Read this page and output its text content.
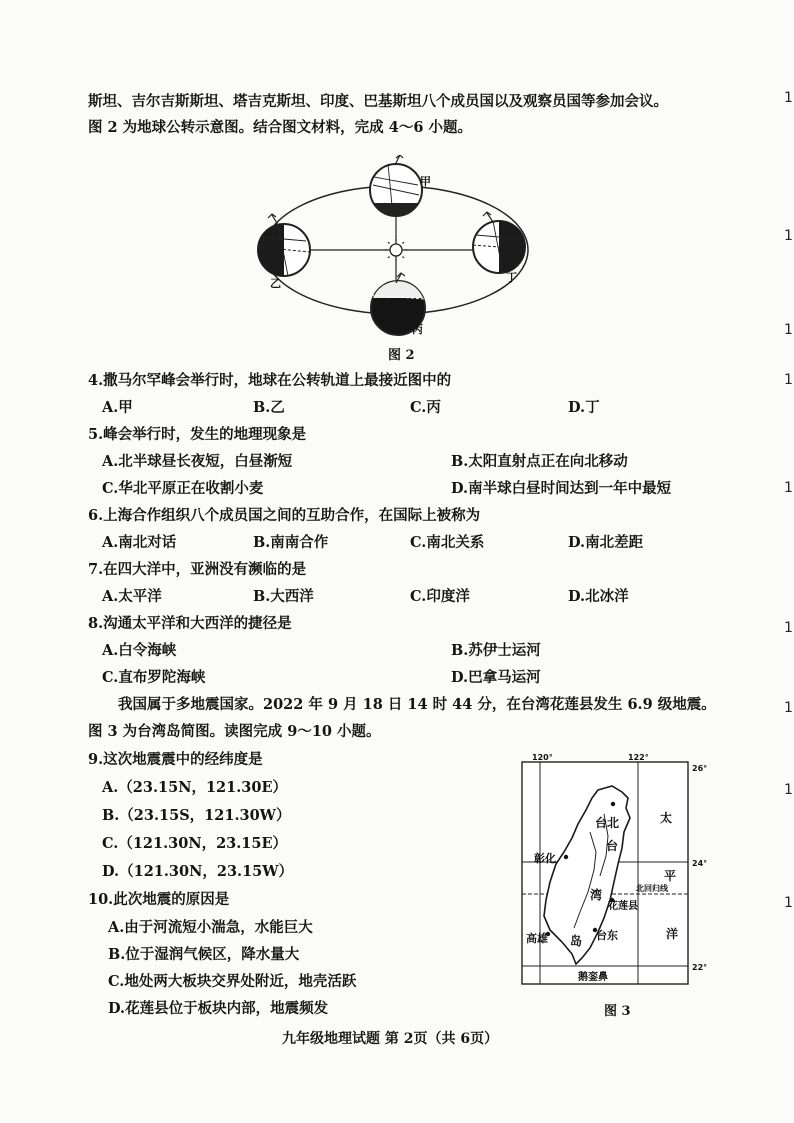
斯坦、吉尔吉斯斯坦、塔吉克斯坦、印度、巴基斯坦八个成员国以及观察员国等参加会议。
图 2 为地球公转示意图。结合图文材料，完成 4～6 小题。
甲
乙	丁
丙
图 2
4.撒马尔罕峰会举行时，地球在公转轨道上最接近图中的
A.甲	B.乙	C.丙	D.丁
5.峰会举行时，发生的地理现象是
A.北半球昼长夜短，白昼渐短	B.太阳直射点正在向北移动
C.华北平原正在收割小麦	D.南半球白昼时间达到一年中最短
6.上海合作组织八个成员国之间的互助合作，在国际上被称为
A.南北对话	B.南南合作	C.南北关系	D.南北差距
7.在四大洋中，亚洲没有濒临的是
A.太平洋	B.大西洋	C.印度洋	D.北冰洋
8.沟通太平洋和大西洋的捷径是
A.白令海峡	B.苏伊士运河
C.直布罗陀海峡	D.巴拿马运河
我国属于多地震国家。2022 年 9 月 18 日 14 时 44 分，在台湾花莲县发生 6.9 级地震。
图 3 为台湾岛简图。读图完成 9～10 小题。
9.这次地震震中的经纬度是
A.（23.15N，121.30E）
B.（23.15S，121.30W）
C.（121.30N，23.15E）
D.（121.30N，23.15W）
10.此次地震的原因是
A.由于河流短小湍急，水能巨大
B.位于湿润气候区，降水量大
C.地处两大板块交界处附近，地壳活跃
D.花莲县位于板块内部，地震频发
120°	122°
26°
24°
22°
台北
台
彰化
湾
花莲县
北回归线
高雄 岛 台东
鹅銮鼻
太
平
洋
图 3
九年级地理试题 第 2页（共 6页）
1
1
1
1
1
1
1
1
1
